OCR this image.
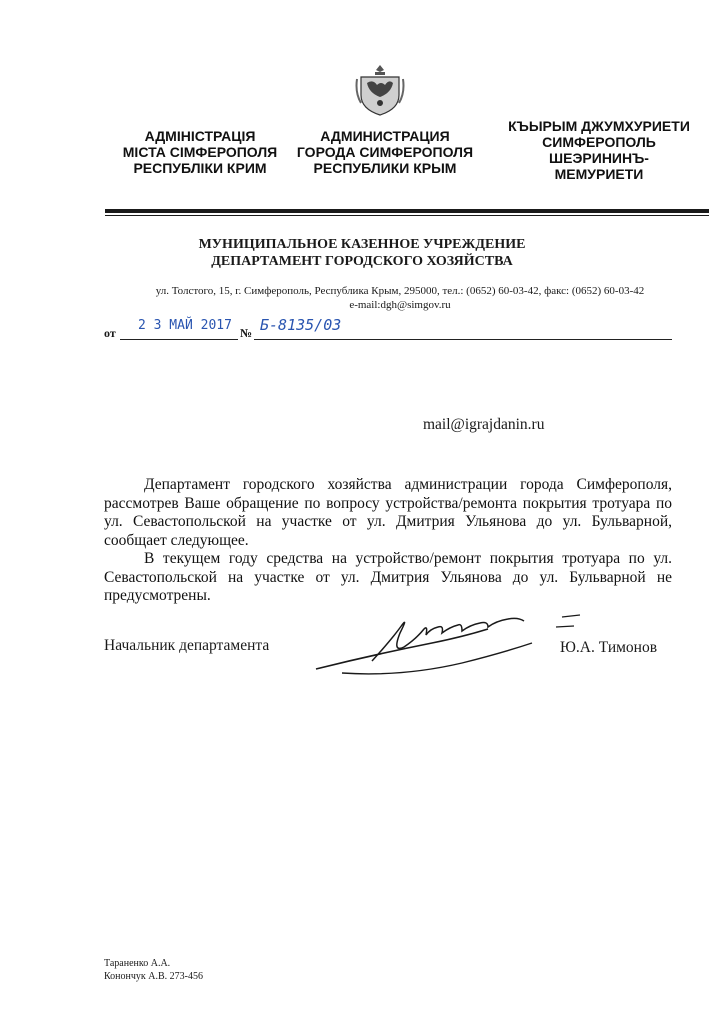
АДМІНІСТРАЦІЯ
МІСТА СІМФЕРОПОЛЯ
РЕСПУБЛІКИ КРИМ
АДМИНИСТРАЦИЯ
ГОРОДА СИМФЕРОПОЛЯ
РЕСПУБЛИКИ КРЫМ
КЪЫРЫМ ДЖУМХУРИЕТИ
СИМФЕРОПОЛЬ
ШЕЭРИНИНЪ-
МЕМУРИЕТИ
МУНИЦИПАЛЬНОЕ КАЗЕННОЕ УЧРЕЖДЕНИЕ
ДЕПАРТАМЕНТ ГОРОДСКОГО ХОЗЯЙСТВА
ул. Толстого, 15, г. Симферополь, Республика Крым, 295000, тел.: (0652) 60-03-42, факс: (0652) 60-03-42
e-mail:dgh@simgov.ru
от 2 3 МАЙ 2017 № Б-8135/03
mail@igrajdanin.ru

Департамент городского хозяйства администрации города Симферополя, рассмотрев Ваше обращение по вопросу устройства/ремонта покрытия тротуара по ул. Севастопольской на участке от ул. Дмитрия Ульянова до ул. Бульварной, сообщает следующее.

В текущем году средства на устройство/ремонт покрытия тротуара по ул. Севастопольской на участке от ул. Дмитрия Ульянова до ул. Бульварной не предусмотрены.

Начальник департамента	Ю.А. Тимонов
Тараненко А.А.
Конончук А.В. 273-456
